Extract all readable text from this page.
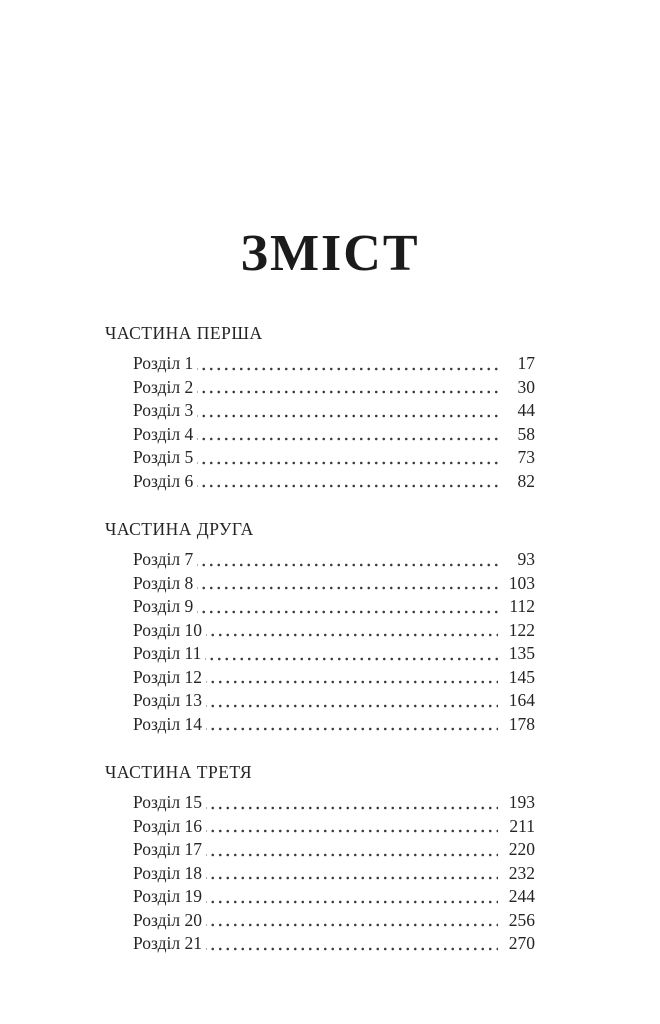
ЗМІСТ
ЧАСТИНА ПЕРША
Розділ 1	17
Розділ 2	30
Розділ 3	44
Розділ 4	58
Розділ 5	73
Розділ 6	82
ЧАСТИНА ДРУГА
Розділ 7	93
Розділ 8	103
Розділ 9	112
Розділ 10	122
Розділ 11	135
Розділ 12	145
Розділ 13	164
Розділ 14	178
ЧАСТИНА ТРЕТЯ
Розділ 15	193
Розділ 16	211
Розділ 17	220
Розділ 18	232
Розділ 19	244
Розділ 20	256
Розділ 21	270
